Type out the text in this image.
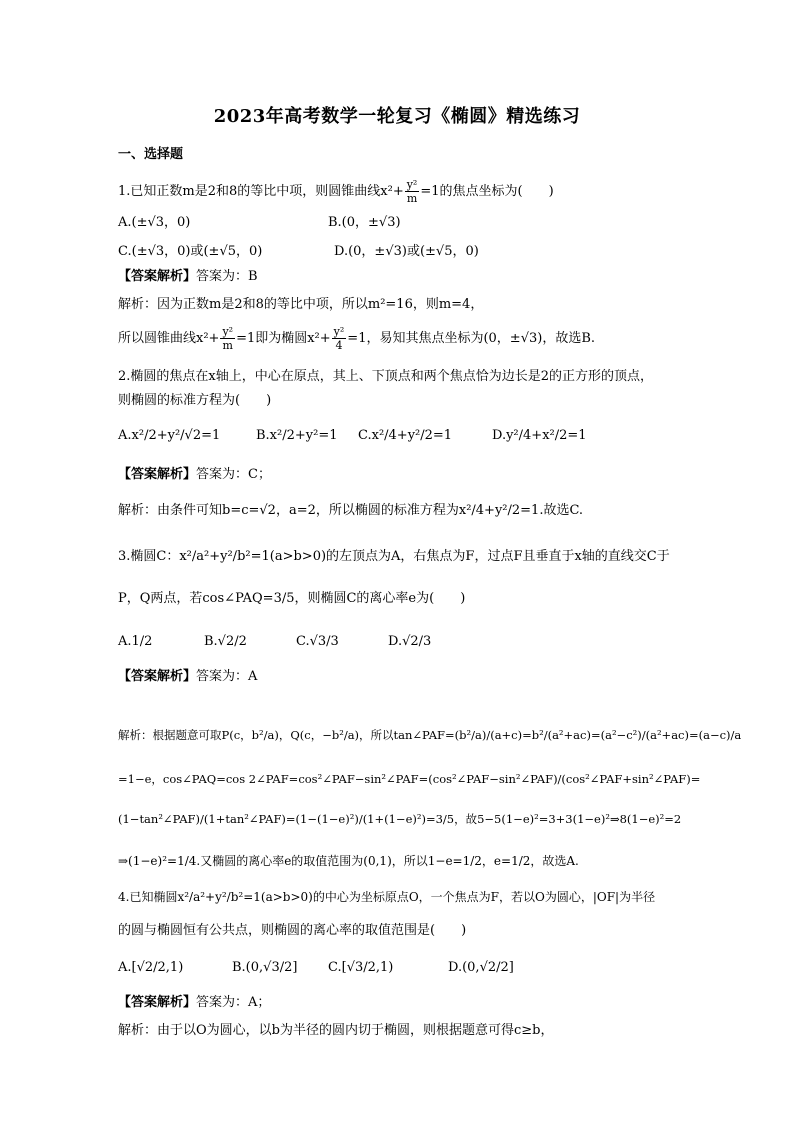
2023年高考数学一轮复习《椭圆》精选练习
一、选择题
1.已知正数m是2和8的等比中项，则圆锥曲线$x^2+ \frac{\text{y²}}{m} =1$的焦点坐标为(　　)
A.(±√3，0)	B.(0，±√3)
C.(±√3，0)或(±√5，0)	D.(0，±√3)或(±√5，0)
【答案解析】答案为：B
解析：因为正数m是2和8的等比中项，所以m²=16，则m=4，
所以圆锥曲线$x^2+ \frac{\text{y²}}{m} =1$即为椭圆$x^2+ \frac{\text{y²}}{4} =1$，易知其焦点坐标为(0，±√3)，故选B.
2.椭圆的焦点在x轴上，中心在原点，其上、下顶点和两个焦点恰为边长是2的正方形的顶点，
则椭圆的标准方程为(　　)
A.x²/2+y²/√2=1	B.x²/2+y²=1 C.x²/4+y²/2=1	D.y²/4+x²/2=1
【答案解析】答案为：C；
解析：由条件可知b=c=√2，a=2，所以椭圆的标准方程为x²/4+y²/2=1.故选C.
3.椭圆C：x²/a²+y²/b²=1(a>b>0)的左顶点为A，右焦点为F，过点F且垂直于x轴的直线交C于
P，Q两点，若cos∠PAQ=3/5，则椭圆C的离心率e为(　　)
A.1/2	B.√2/2	C.√3/3	D.√2/3
【答案解析】答案为：A
解析：根据题意可取P(c，b²/a)，Q(c，−b²/a)，所以tan∠PAF=(b²/a)/(a+c)=b²/(a²+ac)=(a²−c²)/(a²+ac)=(a−c)/a
=1−e，cos∠PAQ=cos 2∠PAF=cos²∠PAF−sin²∠PAF=(cos²∠PAF−sin²∠PAF)/(cos²∠PAF+sin²∠PAF)=
(1−tan²∠PAF)/(1+tan²∠PAF)=(1−(1−e)²)/(1+(1−e)²)=3/5，故5−5(1−e)²=3+3(1−e)²⇒8(1−e)²=2
⇒(1−e)²=1/4.又椭圆的离心率e的取值范围为(0,1)，所以1−e=1/2，e=1/2，故选A.
4.已知椭圆x²/a²+y²/b²=1(a>b>0)的中心为坐标原点O，一个焦点为F，若以O为圆心，|OF|为半径
的圆与椭圆恒有公共点，则椭圆的离心率的取值范围是(　　)
A.[√2/2,1)	B.(0,√3/2] C.[√3/2,1)	D.(0,√2/2]
【答案解析】答案为：A；
解析：由于以O为圆心，以b为半径的圆内切于椭圆，则根据题意可得c≥b，
